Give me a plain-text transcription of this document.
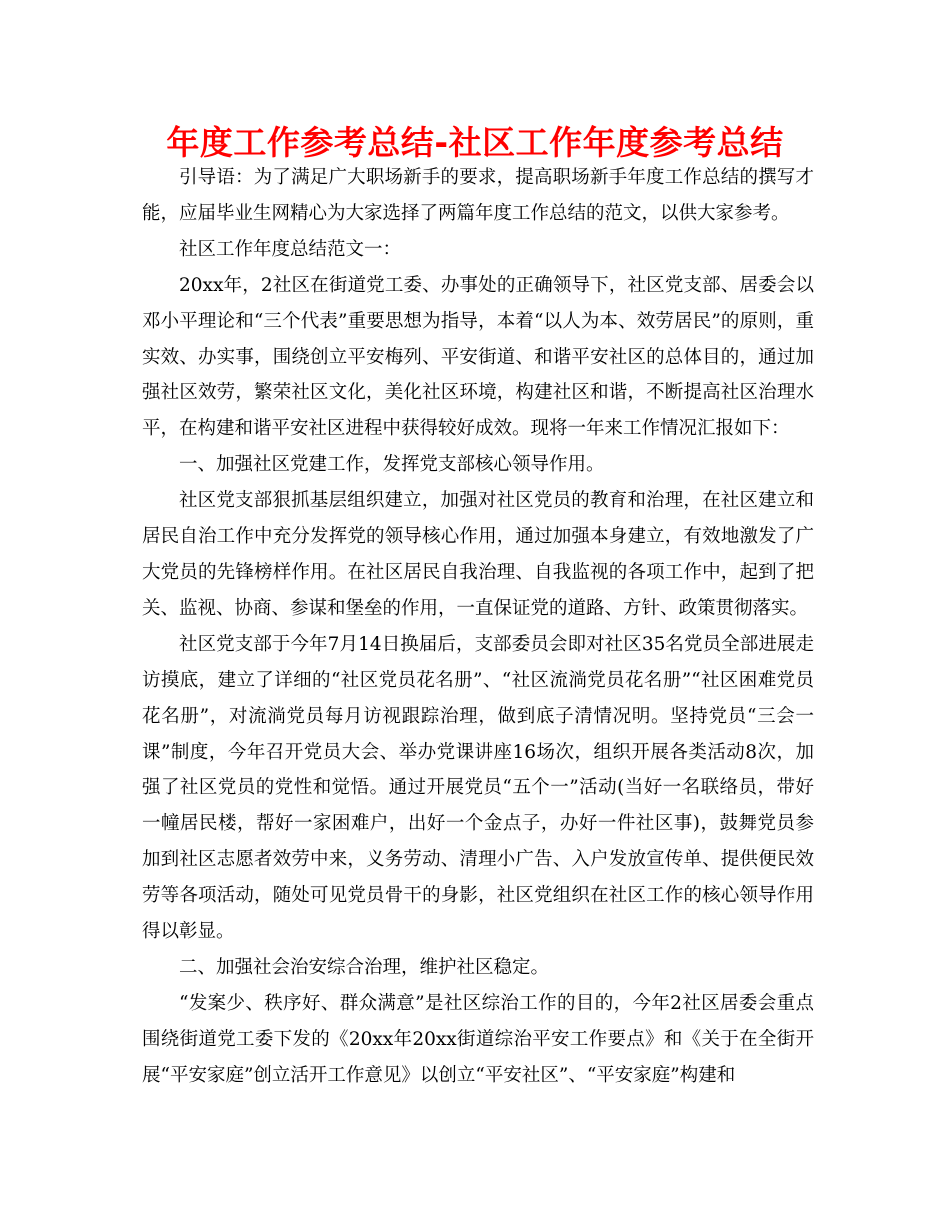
年度工作参考总结-社区工作年度参考总结

引导语：为了满足广大职场新手的要求，提高职场新手年度工作总结的撰写才能，应届毕业生网精心为大家选择了两篇年度工作总结的范文，以供大家参考。

社区工作年度总结范文一：

20xx年，2社区在街道党工委、办事处的正确领导下，社区党支部、居委会以邓小平理论和“三个代表”重要思想为指导，本着“以人为本、效劳居民”的原则，重实效、办实事，围绕创立平安梅列、平安街道、和谐平安社区的总体目的，通过加强社区效劳，繁荣社区文化，美化社区环境，构建社区和谐，不断提高社区治理水平，在构建和谐平安社区进程中获得较好成效。现将一年来工作情况汇报如下：

一、加强社区党建工作，发挥党支部核心领导作用。

社区党支部狠抓基层组织建立，加强对社区党员的教育和治理，在社区建立和居民自治工作中充分发挥党的领导核心作用，通过加强本身建立，有效地激发了广大党员的先锋榜样作用。在社区居民自我治理、自我监视的各项工作中，起到了把关、监视、协商、参谋和堡垒的作用，一直保证党的道路、方针、政策贯彻落实。

社区党支部于今年7月14日换届后，支部委员会即对社区35名党员全部进展走访摸底，建立了详细的“社区党员花名册”、“社区流淌党员花名册”“社区困难党员花名册”，对流淌党员每月访视跟踪治理，做到底子清情况明。坚持党员“三会一课”制度，今年召开党员大会、举办党课讲座16场次，组织开展各类活动8次，加强了社区党员的党性和觉悟。通过开展党员“五个一”活动(当好一名联络员，带好一幢居民楼，帮好一家困难户，出好一个金点子，办好一件社区事)，鼓舞党员参加到社区志愿者效劳中来，义务劳动、清理小广告、入户发放宣传单、提供便民效劳等各项活动，随处可见党员骨干的身影，社区党组织在社区工作的核心领导作用得以彰显。

二、加强社会治安综合治理，维护社区稳定。

“发案少、秩序好、群众满意”是社区综治工作的目的，今年2社区居委会重点围绕街道党工委下发的《20xx年20xx街道综治平安工作要点》和《关于在全街开展“平安家庭”创立活开工作意见》以创立“平安社区”、“平安家庭”构建和
